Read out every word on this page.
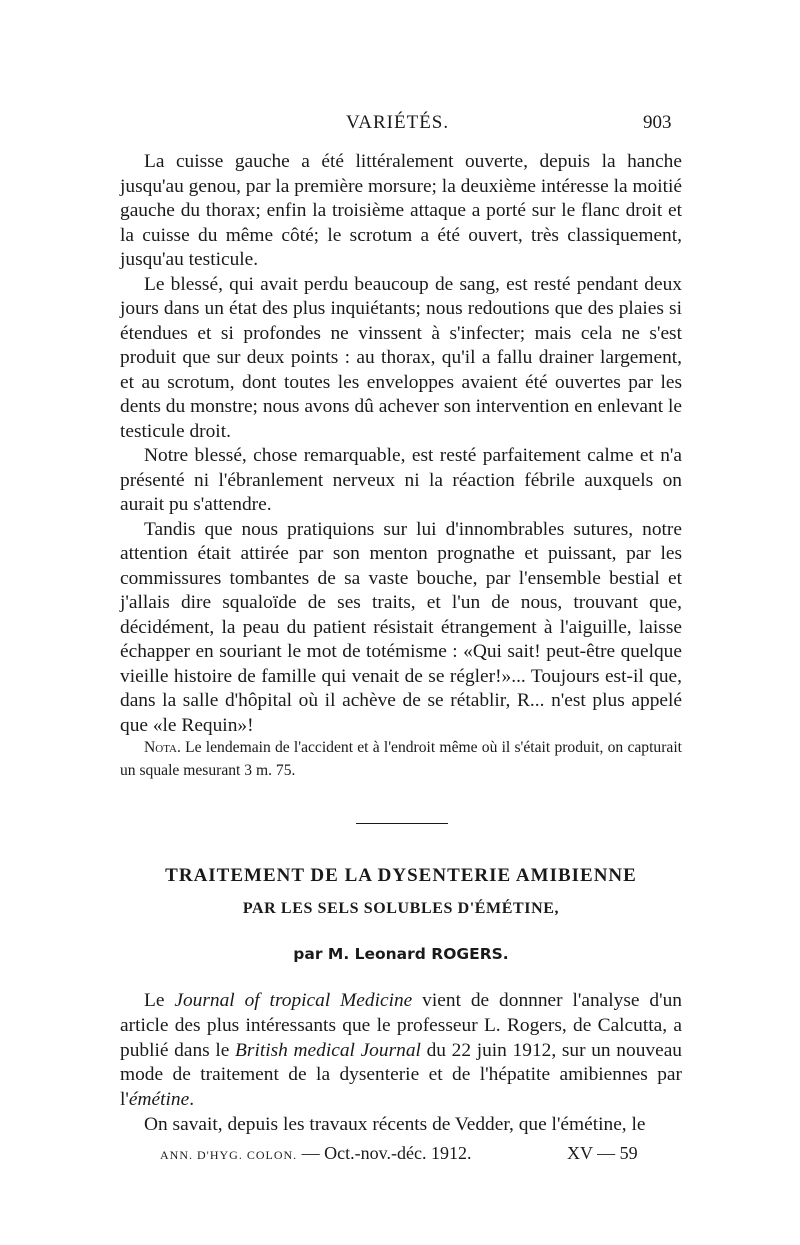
VARIÉTÉS.	903

La cuisse gauche a été littéralement ouverte, depuis la hanche jusqu'au genou, par la première morsure; la deuxième intéresse la moitié gauche du thorax; enfin la troisième attaque a porté sur le flanc droit et la cuisse du même côté; le scrotum a été ouvert, très classiquement, jusqu'au testicule.

Le blessé, qui avait perdu beaucoup de sang, est resté pendant deux jours dans un état des plus inquiétants; nous redoutions que des plaies si étendues et si profondes ne vinssent à s'infecter; mais cela ne s'est produit que sur deux points : au thorax, qu'il a fallu drainer largement, et au scrotum, dont toutes les enveloppes avaient été ouvertes par les dents du monstre; nous avons dû achever son intervention en enlevant le testicule droit.

Notre blessé, chose remarquable, est resté parfaitement calme et n'a présenté ni l'ébranlement nerveux ni la réaction fébrile auxquels on aurait pu s'attendre.

Tandis que nous pratiquions sur lui d'innombrables sutures, notre attention était attirée par son menton prognathe et puissant, par les commissures tombantes de sa vaste bouche, par l'ensemble bestial et j'allais dire squaloïde de ses traits, et l'un de nous, trouvant que, décidément, la peau du patient résistait étrangement à l'aiguille, laisse échapper en souriant le mot de totémisme : «Qui sait! peut-être quelque vieille histoire de famille qui venait de se régler!»... Toujours est-il que, dans la salle d'hôpital où il achève de se rétablir, R... n'est plus appelé que «le Requin»!

Nota. Le lendemain de l'accident et à l'endroit même où il s'était produit, on capturait un squale mesurant 3 m. 75.
TRAITEMENT DE LA DYSENTERIE AMIBIENNE
PAR LES SELS SOLUBLES D'ÉMÉTINE,
par M. Leonard ROGERS.

Le Journal of tropical Medicine vient de donnner l'analyse d'un article des plus intéressants que le professeur L. Rogers, de Calcutta, a publié dans le British medical Journal du 22 juin 1912, sur un nouveau mode de traitement de la dysenterie et de l'hépatite amibiennes par l'émétine.

On savait, depuis les travaux récents de Vedder, que l'émétine, le

ANN. D'HYG. COLON. — Oct.-nov.-déc. 1912.	XV — 59
